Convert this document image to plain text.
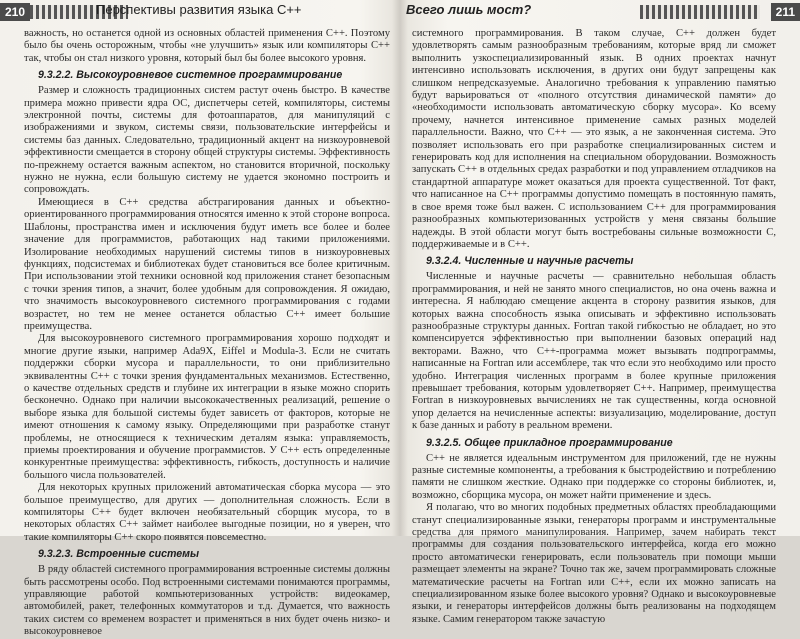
210	Перспективы развития языка С++

важность, но останется одной из основных областей применения С++. Поэтому было бы очень осторожным, чтобы «не улучшить» язык или компиляторы С++ так, чтобы он стал низкого уровня, который был бы более высокого уровня.

9.3.2.2. Высокоуровневое системное программирование

Размер и сложность традиционных систем растут очень быстро. В качестве примера можно привести ядра ОС, диспетчеры сетей, компиляторы, системы электронной почты, системы для фотоаппаратов, для манипуляций с изображениями и звуком, системы связи, пользовательские интерфейсы и системы баз данных. Следовательно, традиционный акцент на низкоуровневой эффективности смещается в сторону общей структуры системы. Эффективность по-прежнему остается важным аспектом, но становится вторичной, поскольку нужно не нужна, если большую систему не удается экономно построить и сопровождать.

Имеющиеся в С++ средства абстрагирования данных и объектно-ориентированного программирования относятся именно к этой стороне вопроса. Шаблоны, пространства имен и исключения будут иметь все более и более значение для программистов, работающих над такими приложениями. Изолирование необходимых нарушений системы типов в низкоуровневых функциях, подсистемах и библиотеках будет становиться все более критичным. При использовании этой техники основной код приложения станет безопасным с точки зрения типов, а значит, более удобным для сопровождения. Я ожидаю, что значимость высокоуровневого системного программирования с годами возрастет, но тем не менее останется областью С++ имеет большие преимущества.

Для высокоуровневого системного программирования хорошо подходят и многие другие языки, например Ada9X, Eiffel и Modula-3. Если не считать поддержки сборки мусора и параллельности, то они приблизительно эквивалентны С++ с точки зрения фундаментальных механизмов. Естественно, о качестве отдельных средств и глубине их интеграции в языке можно спорить бесконечно. Однако при наличии высококачественных реализаций, решение о выборе языка для большой системы будет зависеть от факторов, которые не имеют отношения к самому языку. Определяющими при разработке станут проблемы, не относящиеся к техническим деталям языка: управляемость, приемы проектирования и обучение программистов. У С++ есть определенные конкурентные преимущества: эффективность, гибкость, доступность и наличие большого числа пользователей.

Для некоторых крупных приложений автоматическая сборка мусора — это большое преимущество, для других — дополнительная сложность. Если в компиляторы С++ будет включен необязательный сборщик мусора, то в некоторых областях С++ займет наиболее выгодные позиции, но я уверен, что такие компиляторы С++ скоро появятся повсеместно.

9.3.2.3. Встроенные системы

В ряду областей системного программирования встроенные системы должны быть рассмотрены особо. Под встроенными системами понимаются программы, управляющие работой компьютеризованных устройств: видеокамер, автомобилей, ракет, телефонных коммутаторов и т.д. Думается, что важность таких систем со временем возрастет и применяться в них будет очень низко- и высокоуровневое

Всего лишь мост?	211

системного программирования. В таком случае, С++ должен будет удовлетворять самым разнообразным требованиям, которые вряд ли сможет выполнить узкоспециализированный язык. В одних проектах начнут интенсивно использовать исключения, в других они будут запрещены как слишком непредсказуемые. Аналогично требования к управлению памятью будут варьироваться от «полного отсутствия динамической памяти» до «необходимости использовать автоматическую сборку мусора». Ко всему прочему, начнется интенсивное применение самых разных моделей параллельности. Важно, что С++ — это язык, а не законченная система. Это позволяет использовать его при разработке специализированных систем и генерировать код для исполнения на специальном оборудовании. Возможность запускать С++ в отдельных средах разработки и под управлением отладчиков на стандартной аппаратуре может оказаться для проекта существенной. Тот факт, что написанное на С++ программы допустимо помещать в постоянную память, в свое время тоже был важен. С использованием С++ для программирования разнообразных компьютеризованных устройств у меня связаны большие надежды. В этой области могут быть востребованы сильные возможности С, поддерживаемые и в С++.

9.3.2.4. Численные и научные расчеты

Численные и научные расчеты — сравнительно небольшая область программирования, и ней не занято много специалистов, но она очень важна и интересна. Я наблюдаю смещение акцента в сторону развития языков, для которых важна способность языка описывать и эффективно использовать разнообразные структуры данных. Fortran такой гибкостью не обладает, но это компенсируется эффективностью при выполнении базовых операций над векторами. Важно, что С++-программа может вызывать подпрограммы, написанные на Fortran или ассемблере, так что если это необходимо или просто удобно. Интеграция численных программ в более крупные приложения превышает требования, которым удовлетворяет С++. Например, преимущества Fortran в низкоуровневых вычислениях не так существенны, когда основной упор делается на нечисленные аспекты: визуализацию, моделирование, доступ к базе данных и работу в реальном времени.

9.3.2.5. Общее прикладное программирование

С++ не является идеальным инструментом для приложений, где не нужны разные системные компоненты, а требования к быстродействию и потреблению памяти не слишком жесткие. Однако при поддержке со стороны библиотек, и, возможно, сборщика мусора, он может найти применение и здесь.

Я полагаю, что во многих подобных предметных областях преобладающими станут специализированные языки, генераторы программ и инструментальные средства для прямого манипулирования. Например, зачем набирать текст программы для создания пользовательского интерфейса, когда его можно просто автоматически генерировать, если пользователь при помощи мыши размещает элементы на экране? Точно так же, зачем программировать сложные математические расчеты на Fortran или С++, если их можно записать на специализированном языке более высокого уровня? Однако и высокоуровневые языки, и генераторы интерфейсов должны быть реализованы на подходящем языке. Самим генератором также зачастую
